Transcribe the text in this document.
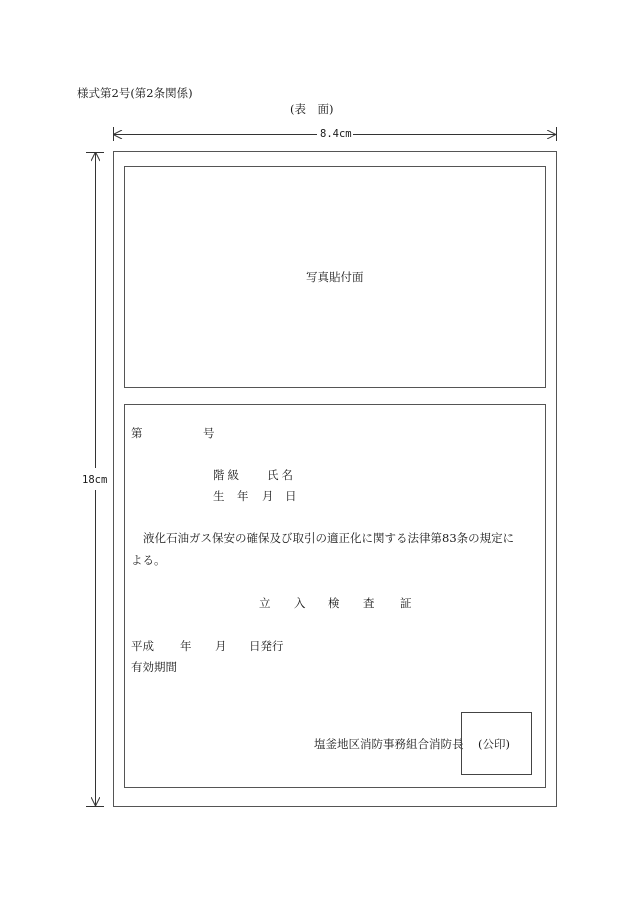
様式第2号(第2条関係)
(表　面)
8.4cm
18cm
写真貼付面
第	号
階級 氏名
生 年 月 日
液化石油ガス保安の確保及び取引の適正化に関する法律第83条の規定に
よる。
立 入 検 査 証
平成 年 月 日発行
有効期間
塩釜地区消防事務組合消防長 (公印)
